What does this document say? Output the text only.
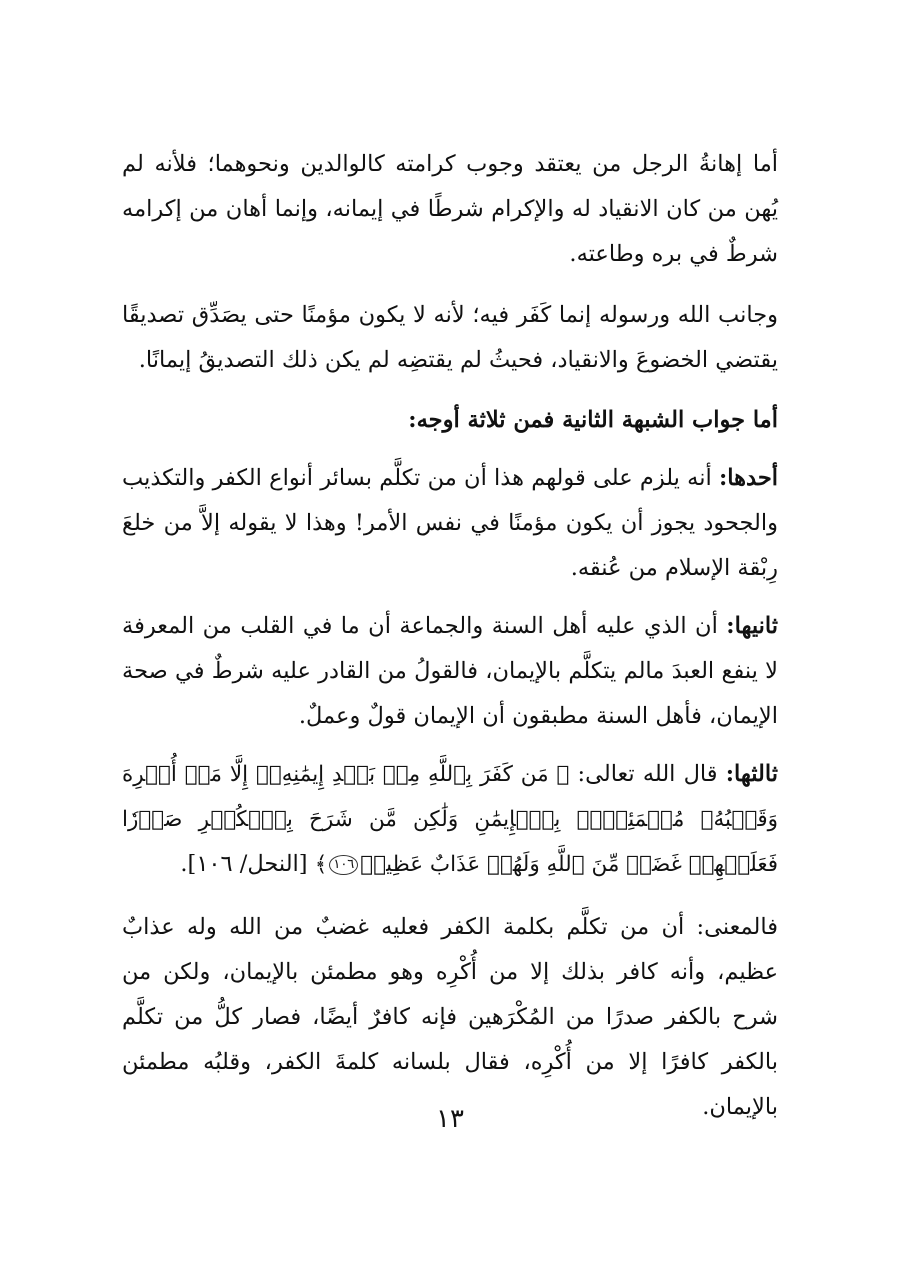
أما إهانةُ الرجل من يعتقد وجوب كرامته كالوالدين ونحوهما؛ فلأنه لم يُهن من كان الانقياد له والإكرام شرطًا في إيمانه، وإنما أهان من إكرامه شرطٌ في بره وطاعته.

وجانب الله ورسوله إنما كَفَر فيه؛ لأنه لا يكون مؤمنًا حتى يصَدِّق تصديقًا يقتضي الخضوعَ والانقياد، فحيثُ لم يقتضِه لم يكن ذلك التصديقُ إيمانًا.

أما جواب الشبهة الثانية فمن ثلاثة أوجه:

أحدها: أنه يلزم على قولهم هذا أن من تكلَّم بسائر أنواع الكفر والتكذيب والجحود يجوز أن يكون مؤمنًا في نفس الأمر! وهذا لا يقوله إلاَّ من خلعَ رِبْقة الإسلام من عُنقه.

ثانيها: أن الذي عليه أهل السنة والجماعة أن ما في القلب من المعرفة لا ينفع العبدَ مالم يتكلَّم بالإيمان، فالقولُ من القادر عليه شرطٌ في صحة الإيمان، فأهل السنة مطبقون أن الإيمان قولٌ وعملٌ.

ثالثها: قال الله تعالى: ﴿ مَن كَفَرَ بِٱللَّهِ مِنۢ بَعۡدِ إِيمَٰنِهِۦٓ إِلَّا مَنۡ أُكۡرِهَ وَقَلۡبُهُۥ مُطۡمَئِنُّۢ بِٱلۡإِيمَٰنِ وَلَٰكِن مَّن شَرَحَ بِٱلۡكُفۡرِ صَدۡرٗا فَعَلَيۡهِمۡ غَضَبٞ مِّنَ ٱللَّهِ وَلَهُمۡ عَذَابٌ عَظِيمٞ١٠٦﴾ [النحل/ ١٠٦].

فالمعنى: أن من تكلَّم بكلمة الكفر فعليه غضبٌ من الله وله عذابٌ عظيم، وأنه كافر بذلك إلا من أُكْرِه وهو مطمئن بالإيمان، ولكن من شرح بالكفر صدرًا من المُكْرَهين فإنه كافرٌ أيضًا، فصار كلُّ من تكلَّم بالكفر كافرًا إلا من أُكْرِه، فقال بلسانه كلمةَ الكفر، وقلبُه مطمئن بالإيمان.

١٣
